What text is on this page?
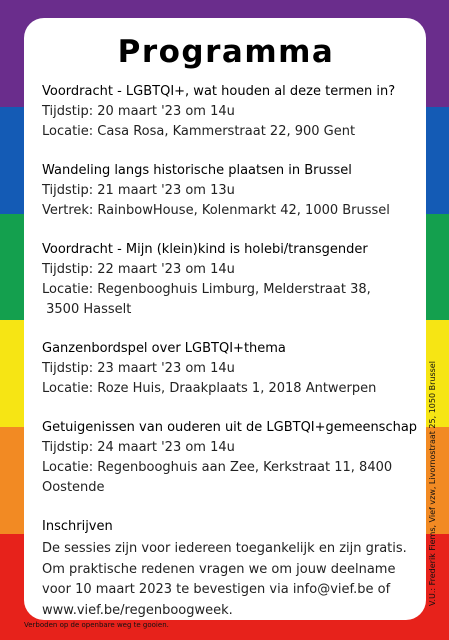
Programma
Voordracht - LGBTQI+, wat houden al deze termen in?
Tijdstip: 20 maart '23 om 14u
Locatie: Casa Rosa, Kammerstraat 22, 900 Gent
Wandeling langs historische plaatsen in Brussel
Tijdstip: 21 maart '23 om 13u
Vertrek: RainbowHouse, Kolenmarkt 42, 1000 Brussel
Voordracht - Mijn (klein)kind is holebi/transgender
Tijdstip: 22 maart '23 om 14u
Locatie: Regenbooghuis Limburg, Melderstraat 38,
3500 Hasselt
Ganzenbordspel over LGBTQI+thema
Tijdstip: 23 maart '23 om 14u
Locatie: Roze Huis, Draakplaats 1, 2018 Antwerpen
Getuigenissen van ouderen uit de LGBTQI+gemeenschap
Tijdstip: 24 maart '23 om 14u
Locatie: Regenbooghuis aan Zee, Kerkstraat 11, 8400
Oostende
Inschrijven
De sessies zijn voor iedereen toegankelijk en zijn gratis. Om praktische redenen vragen we om jouw deelname voor 10 maart 2023 te bevestigen via info@vief.be of www.vief.be/regenboogweek.
V.U.: Frederik Fiems, Vief vzw, Livornostraat 25, 1050 Brussel
Verboden op de openbare weg te gooien.
